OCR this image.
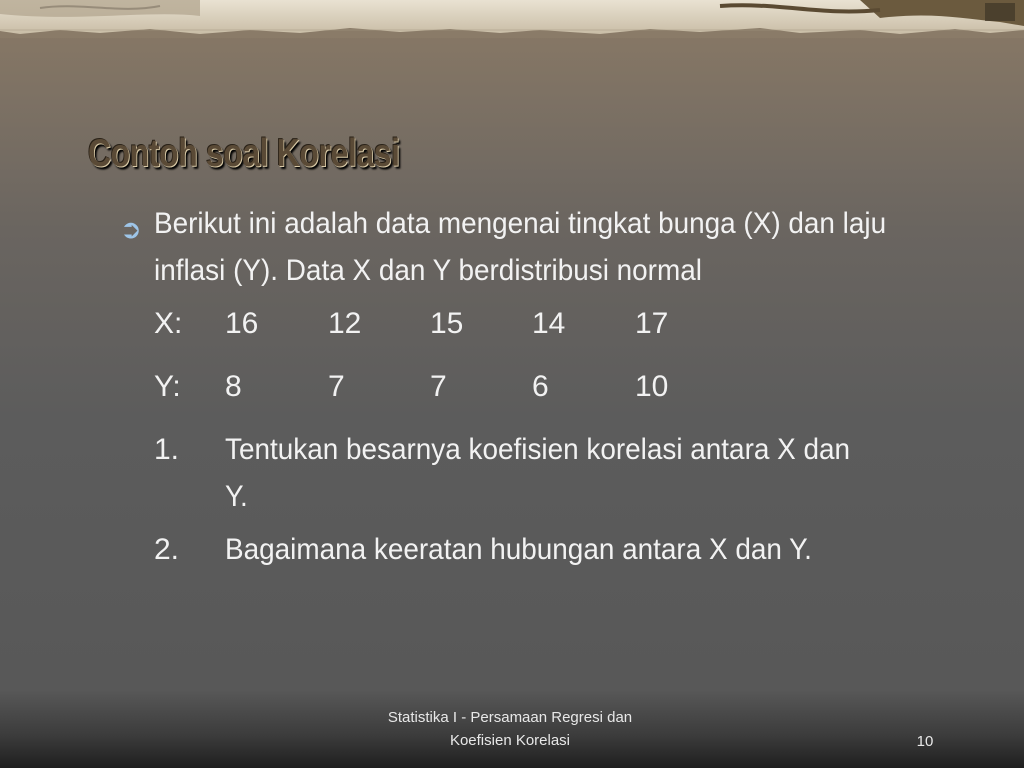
Contoh soal Korelasi
➲ Berikut ini adalah data mengenai tingkat bunga (X) dan laju inflasi (Y). Data X dan Y berdistribusi normal
X: 16 12 15 14 17
Y: 8	7	7	6	10
1. Tentukan besarnya koefisien korelasi antara X dan Y.
2. Bagaimana keeratan hubungan antara X dan Y.
Statistika I - Persamaan Regresi dan
Koefisien Korelasi	10
